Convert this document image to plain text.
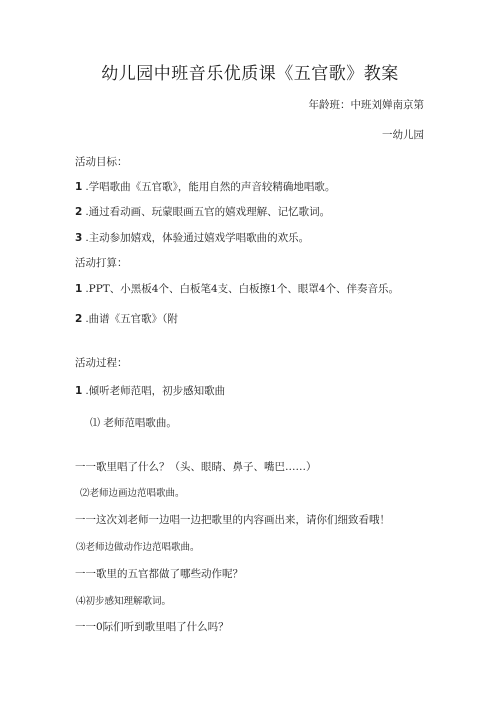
幼儿园中班音乐优质课《五官歌》教案
年龄班：中班刘婵南京第
一幼儿园
活动目标：
1 .学唱歌曲《五官歌》，能用自然的声音较精确地唱歌。
2 .通过看动画、玩蒙眼画五官的嬉戏理解、记忆歌词。
3 .主动参加嬉戏，体验通过嬉戏学唱歌曲的欢乐。
活动打算：
1 .PPT、小黑板4个、白板笔4支、白板擦1个、眼罩4个、伴奏音乐。
2 .曲谱《五官歌》（附
活动过程：
1 .倾听老师范唱，初步感知歌曲
⑴ 老师范唱歌曲。
一一歌里唱了什么？（头、眼睛、鼻子、嘴巴……）
⑵老师边画边范唱歌曲。
一一这次刘老师一边唱一边把歌里的内容画出来，请你们细致看哦！
⑶老师边做动作边范唱歌曲。
一一歌里的五官都做了哪些动作呢？
⑷初步感知理解歌词。
一一0际们听到歌里唱了什么吗？
